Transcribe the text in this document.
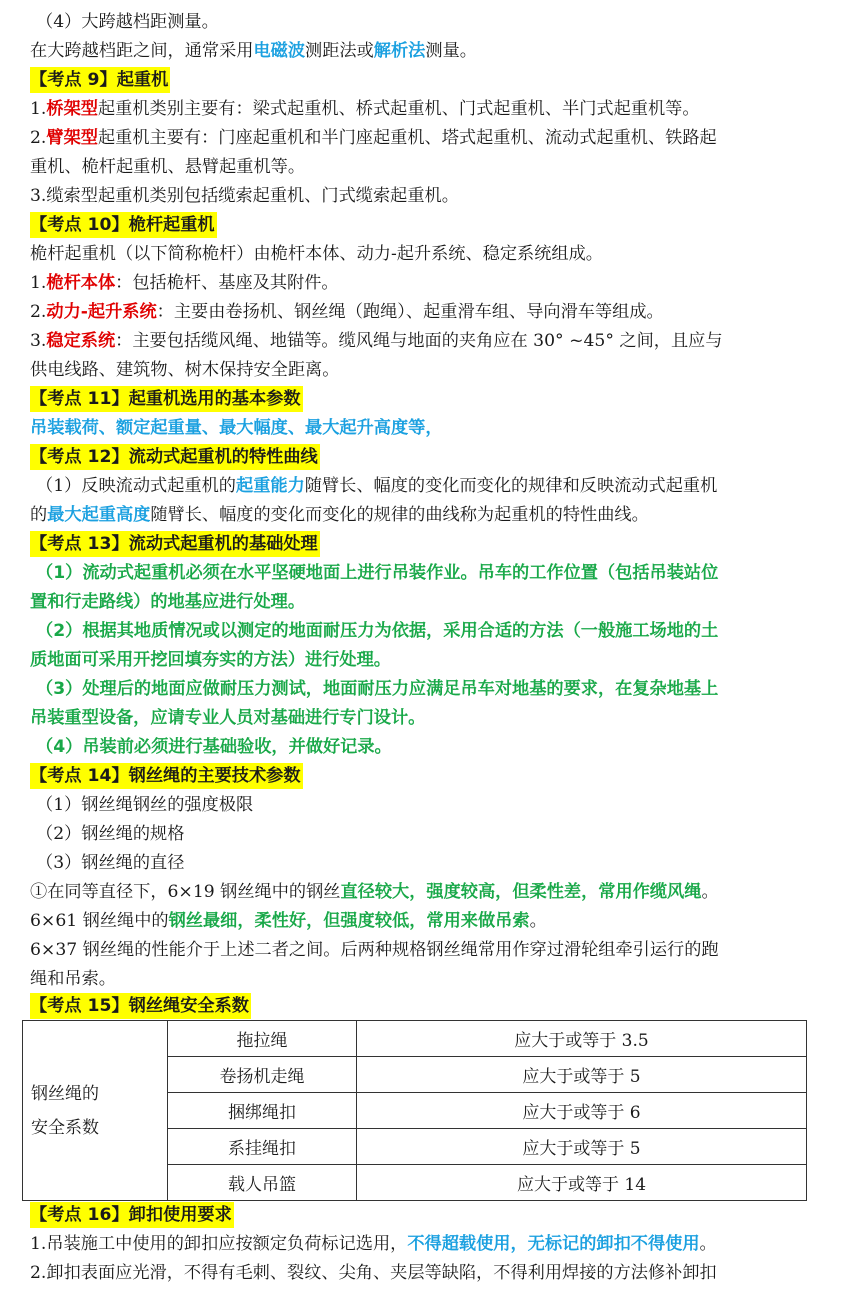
（4）大跨越档距测量。
在大跨越档距之间，通常采用电磁波测距法或解析法测量。
【考点 9】起重机
1.桥架型起重机类别主要有：梁式起重机、桥式起重机、门式起重机、半门式起重机等。
2.臂架型起重机主要有：门座起重机和半门座起重机、塔式起重机、流动式起重机、铁路起
重机、桅杆起重机、悬臂起重机等。
3.缆索型起重机类别包括缆索起重机、门式缆索起重机。
【考点 10】桅杆起重机
桅杆起重机（以下简称桅杆）由桅杆本体、动力-起升系统、稳定系统组成。
1.桅杆本体：包括桅杆、基座及其附件。
2.动力-起升系统：主要由卷扬机、钢丝绳（跑绳）、起重滑车组、导向滑车等组成。
3.稳定系统：主要包括缆风绳、地锚等。缆风绳与地面的夹角应在 30° ~45° 之间，且应与
供电线路、建筑物、树木保持安全距离。
【考点 11】起重机选用的基本参数
吊装载荷、额定起重量、最大幅度、最大起升高度等，
【考点 12】流动式起重机的特性曲线
（1）反映流动式起重机的起重能力随臂长、幅度的变化而变化的规律和反映流动式起重机
的最大起重高度随臂长、幅度的变化而变化的规律的曲线称为起重机的特性曲线。
【考点 13】流动式起重机的基础处理
（1）流动式起重机必须在水平坚硬地面上进行吊装作业。吊车的工作位置（包括吊装站位
置和行走路线）的地基应进行处理。
（2）根据其地质情况或以测定的地面耐压力为依据，采用合适的方法（一般施工场地的土
质地面可采用开挖回填夯实的方法）进行处理。
（3）处理后的地面应做耐压力测试，地面耐压力应满足吊车对地基的要求，在复杂地基上
吊装重型设备，应请专业人员对基础进行专门设计。
（4）吊装前必须进行基础验收，并做好记录。
【考点 14】钢丝绳的主要技术参数
（1）钢丝绳钢丝的强度极限
（2）钢丝绳的规格
（3）钢丝绳的直径
①在同等直径下，6×19 钢丝绳中的钢丝直径较大，强度较高，但柔性差，常用作缆风绳。
6×61 钢丝绳中的钢丝最细，柔性好，但强度较低，常用来做吊索。
6×37 钢丝绳的性能介于上述二者之间。后两种规格钢丝绳常用作穿过滑轮组牵引运行的跑
绳和吊索。
【考点 15】钢丝绳安全系数
钢丝绳的
安全系数	拖拉绳	应大于或等于 3.5
	卷扬机走绳	应大于或等于 5
	捆绑绳扣	应大于或等于 6
	系挂绳扣	应大于或等于 5
	载人吊篮	应大于或等于 14
【考点 16】卸扣使用要求
1.吊装施工中使用的卸扣应按额定负荷标记选用，不得超载使用，无标记的卸扣不得使用。
2.卸扣表面应光滑，不得有毛刺、裂纹、尖角、夹层等缺陷，不得利用焊接的方法修补卸扣
